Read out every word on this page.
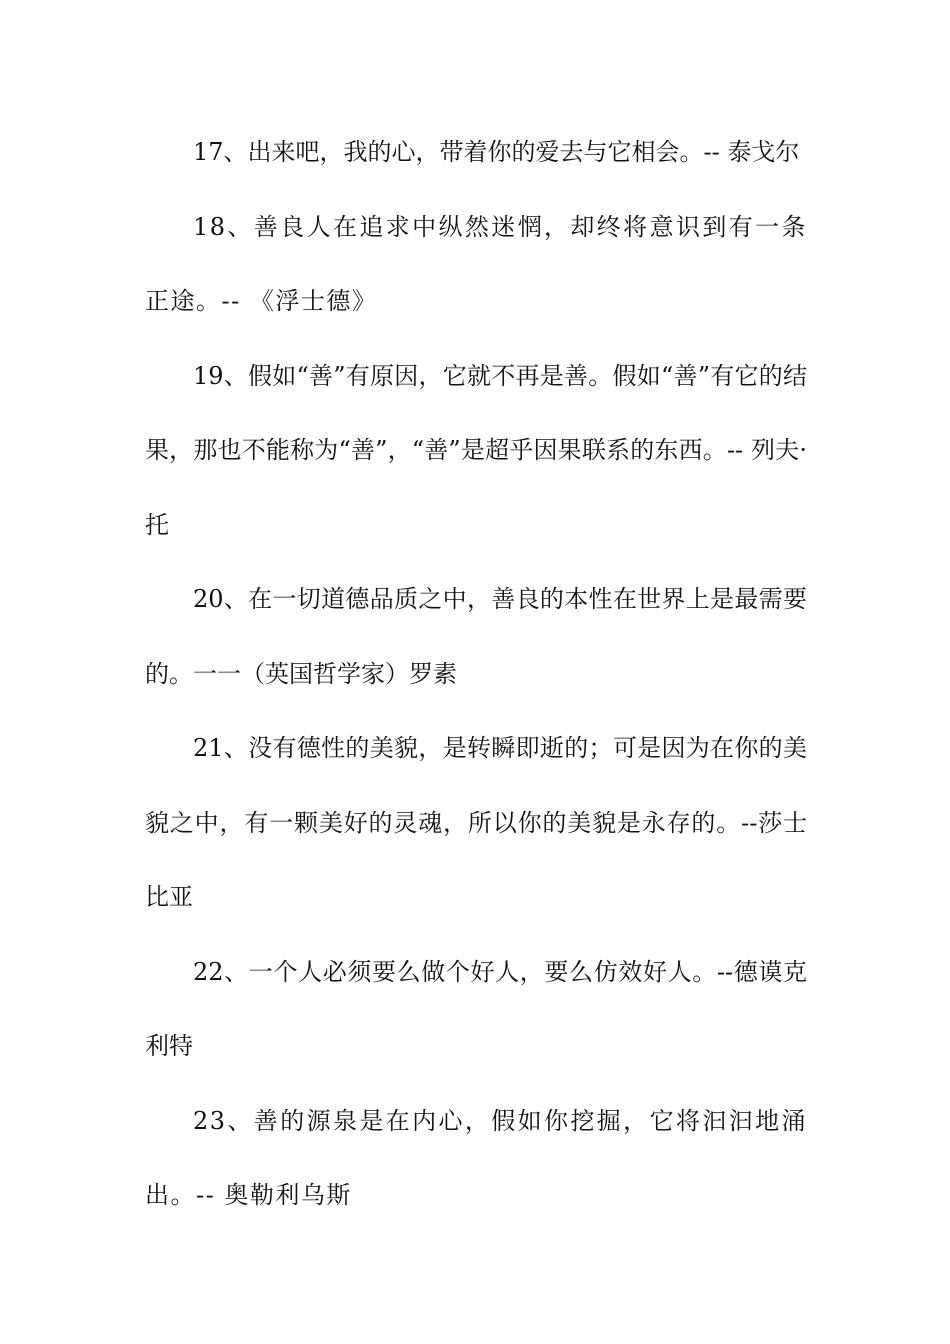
17、出来吧，我的心，带着你的爱去与它相会。-- 泰戈尔

18、善良人在追求中纵然迷惘，却终将意识到有一条正途。-- 《浮士德》

19、假如“善”有原因，它就不再是善。假如“善”有它的结果，那也不能称为“善”，“善”是超乎因果联系的东西。-- 列夫·托

20、在一切道德品质之中，善良的本性在世界上是最需要的。一一（英国哲学家）罗素

21、没有德性的美貌，是转瞬即逝的；可是因为在你的美貌之中，有一颗美好的灵魂，所以你的美貌是永存的。--莎士比亚

22、一个人必须要么做个好人，要么仿效好人。--德谟克利特

23、善的源泉是在内心，假如你挖掘，它将汩汩地涌出。-- 奥勒利乌斯
